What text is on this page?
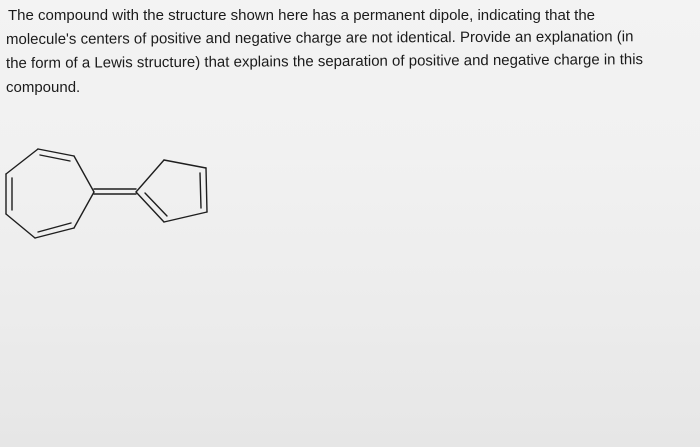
The compound with the structure shown here has a permanent dipole, indicating that the
molecule's centers of positive and negative charge are not identical. Provide an explanation (in
the form of a Lewis structure) that explains the separation of positive and negative charge in this
compound.
